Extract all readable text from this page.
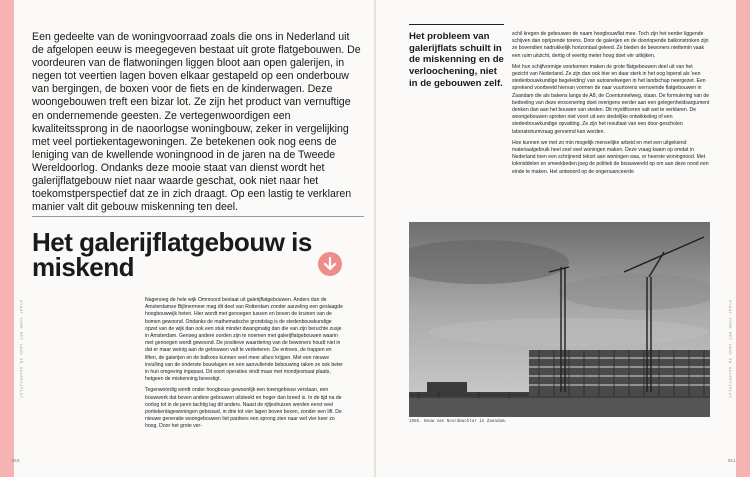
STAAT VOOR HET LAND IN GALERIJFLAT	STAAT VOOR HET LAND IN GALERIJFLAT

Een gedeelte van de woningvoorraad zoals die ons in Nederland uit de afgelopen eeuw is meegegeven bestaat uit grote flatgebouwen. De voordeuren van de flatwoningen liggen bloot aan open galerijen, in negen tot veertien lagen boven elkaar gestapeld op een onderbouw van bergingen, de boxen voor de fiets en de kinderwagen. Deze woongebouwen treft een bizar lot. Ze zijn het product van vernuftige en ondernemende geesten. Ze vertegenwoordigen een kwaliteitssprong in de naoorlogse woningbouw, zeker in vergelijking met veel portiekentagewoningen. Ze betekenen ook nog eens de leniging van de kwellende woningnood in de jaren na de Tweede Wereldoorlog. Ondanks deze mooie staat van dienst wordt het galerijflatgebouw niet naar waarde geschat, ook niet naar het toekomstperspectief dat ze in zich draagt. Op een lastig te verklaren manier valt dit gebouw miskenning ten deel.

Het galerijflatgebouw is miskend

Nagenoeg de hele wijk Ommoord bestaat uit galerijflatgebouwen. Anders dan de Amsterdamse Bijlmermeer mag dit deel van Rotterdam zonder aarzeling een geslaagde hoogbouwwijk heten. Hier wordt met genoegen tussen en boven de kruinen van de bomen gewoond. Ondanks de mathematische grondslag is de stedenbouwkundige opzet van de wijk dan ook een stuk minder dwangmatig dan die van zijn beruchte zusje in Amsterdam. Genoeg andere oorden zijn te noemen met galerijflatgebouwen waarin met genoegen wordt gewoond. De positieve waardering van de bewoners houdt niet in dat er maar weinig aan de gebouwen valt te verbeteren. De entrees, de trappen en liften, de galerijen en de balkons kunnen veel meer allure krijgen. Met een nieuwe invulling van de onderste bouwlagen en een aanvullende bebouwing raken ze ook beter in hun omgeving ingepast. Dit soort operaties vindt maar met mondjesmaat plaats, hetgeen de miskenning bevestigt.

Tegenwoordig wordt onder hoogbouw gewoonlijk een torengebouw verstaan, een bouwwerk dat boven andere gebouwen uitsteekt en hoger dan breed is. In de tijd na de oorlog tot in de jaren tachtig lag dit anders. Naast de rijtjeshuizen werden eerst veel portiekentagewoningen gebouwd, in drie tot vier lagen boven boxen, zonder een lift. De nieuwe generatie woongebouwen liet pardoes een sprong zien naar wel vier keer zo hoog. Door het grote ver-

Het probleem van galerijflats schuilt in de miskenning en de verloochening, niet in de gebouwen zelf.

schil kregen de gebouwen de naam hoogbouwflat mee. Toch zijn het eerder liggende schijven dan oprijzende torens. Door de galerijen en de doorlopende balkonstroken zijn ze bovendien nadrukkelijk horizontaal geleed. Ze bieden de bewoners niettemin vaak een ruim uitzicht, dertig of veertig meter hoog doet vér uitkijken.

Met hun schijfvormige voorkomen maken de grote flatgebouwen deel uit van het gezicht van Nederland. Ze zijn dan ook hier en daar sterk in het oog lopend als 'een stedenbouwkundige begeleiding' van autosnelwegen in het landschap neergezet. Een sprekend voorbeeld hiervan vormen de naar vuurtorens vernoemde flatgebouwen in Zaandam die als bakens langs de A8, de Coentunnelweg, staan. De formulering van de bedoeling van deze enscenering doet overigens eerder aan een gelegenheidsargument denken dan aan het bouwen van steden. Dit mystificeren valt wel te verklaren. De woongebouwen sproten niet voort uit een stedelijke ontwikkeling of een stedenbouwkundige opvatting. Ze zijn het resultaat van een door-gescholen laboratoriumvraag genoemd kan worden.

Hoe kunnen we met zo min mogelijk menselijke arbeid en met een uitgekiend materiaalgebruik heel snel veel woningen maken. Deze vraag kwam op omdat in Nederland toen een schrijnend tekort aan woningen was, er heerste woningnood. Met lokmiddelen en smeekbeden joeg de politiek de bouwwereld op om aan deze nood een einde te maken. Het antwoord op de ongenuanceerde

1956. Bouw van Noordmachtar in Zaandam.
010	011
